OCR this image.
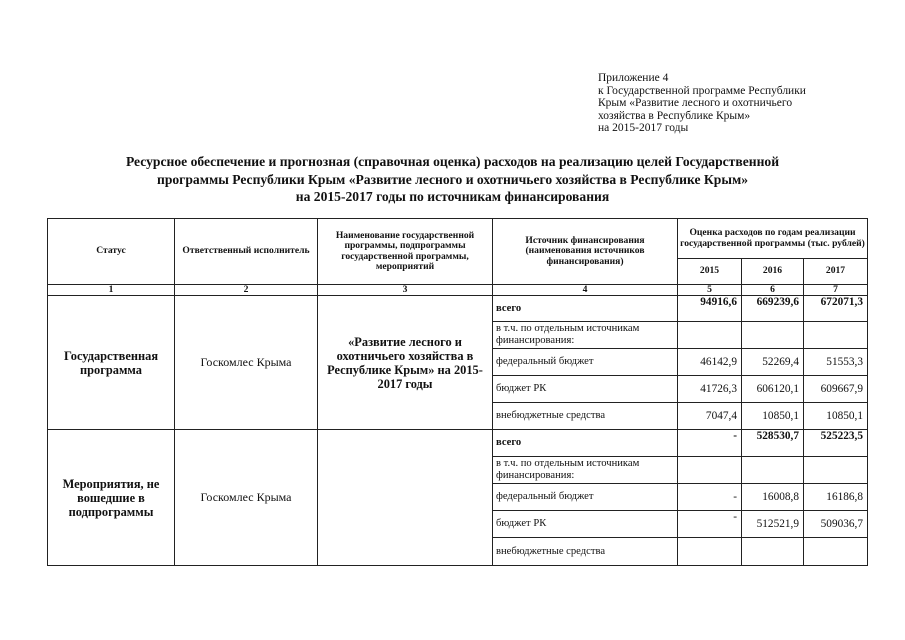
Приложение 4
к Государственной программе Республики
Крым «Развитие лесного и охотничьего
хозяйства в Республике Крым»
на 2015-2017 годы
Ресурсное обеспечение и прогнозная (справочная оценка) расходов на реализацию целей Государственной
программы Республики Крым «Развитие лесного и охотничьего хозяйства в Республике Крым»
на 2015-2017 годы по источникам финансирования
Статус	Ответственный исполнитель	Наименование государственной программы, подпрограммы государственной программы, мероприятий	Источник финансирования (наименования источников финансирования)	Оценка расходов по годам реализации государственной программы (тыс. рублей)		
				2015	2016	2017
1	2	3	4	5	6	7
Государственная программа	Госкомлес Крыма	«Развитие лесного и охотничьего хозяйства в Республике Крым» на 2015-2017 годы	всего	94916,6	669239,6	672071,3
			в т.ч. по отдельным источникам финансирования:			
			федеральный бюджет	46142,9	52269,4	51553,3
			бюджет РК	41726,3	606120,1	609667,9
			внебюджетные средства	7047,4	10850,1	10850,1
Мероприятия, не вошедшие в подпрограммы	Госкомлес Крыма		всего	-	528530,7	525223,5
			в т.ч. по отдельным источникам финансирования:			
			федеральный бюджет	-	16008,8	16186,8
			бюджет РК	-	512521,9	509036,7
			внебюджетные средства			
